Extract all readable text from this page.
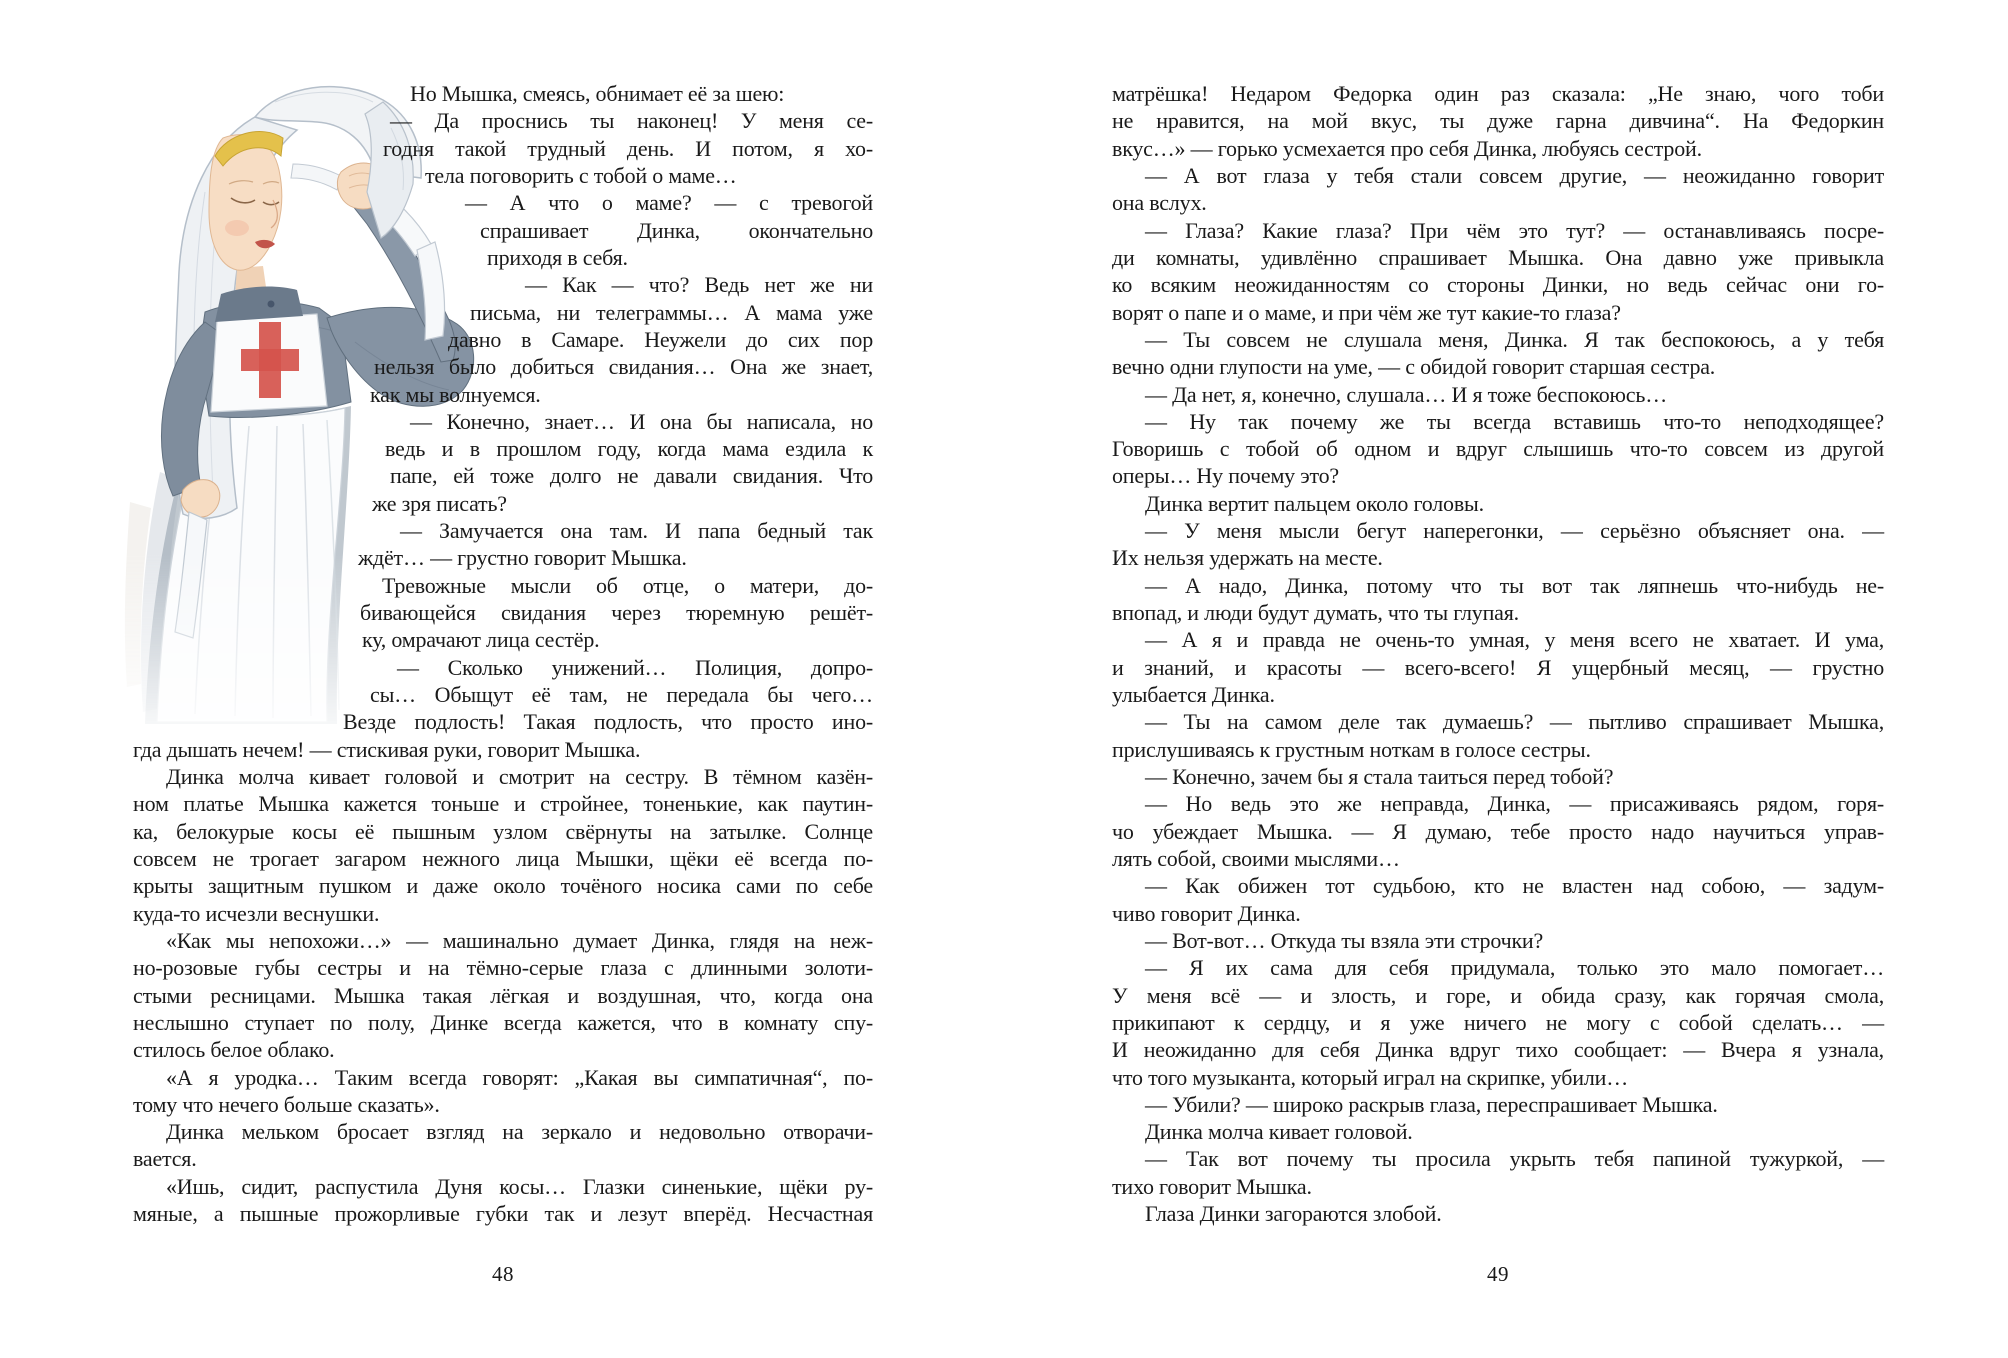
Но Мышка, смеясь, обнимает её за шею:
— Да проснись ты наконец! У меня се-
годня такой трудный день. И потом, я хо-
тела поговорить с тобой о маме…
— А что о маме? — с тревогой
спрашивает Динка, окончательно
приходя в себя.
— Как — что? Ведь нет же ни
письма, ни телеграммы… А мама уже
давно в Самаре. Неужели до сих пор
нельзя было добиться свидания… Она же знает,
как мы волнуемся.
— Конечно, знает… И она бы написала, но
ведь и в прошлом году, когда мама ездила к
папе, ей тоже долго не давали свидания. Что
же зря писать?
— Замучается она там. И папа бедный так
ждёт… — грустно говорит Мышка.
Тревожные мысли об отце, о матери, до-
бивающейся свидания через тюремную решёт-
ку, омрачают лица сестёр.
— Сколько унижений… Полиция, допро-
сы… Обыщут её там, не передала бы чего…
Везде подлость! Такая подлость, что просто ино-
гда дышать нечем! — стискивая руки, говорит Мышка.
Динка молча кивает головой и смотрит на сестру. В тёмном казён-
ном платье Мышка кажется тоньше и стройнее, тоненькие, как паутин-
ка, белокурые косы её пышным узлом свёрнуты на затылке. Солнце
совсем не трогает загаром нежного лица Мышки, щёки её всегда по-
крыты защитным пушком и даже около точёного носика сами по себе
куда-то исчезли веснушки.
«Как мы непохожи…» — машинально думает Динка, глядя на неж-
но-розовые губы сестры и на тёмно-серые глаза с длинными золоти-
стыми ресницами. Мышка такая лёгкая и воздушная, что, когда она
неслышно ступает по полу, Динке всегда кажется, что в комнату спу-
стилось белое облако.
«А я уродка… Таким всегда говорят: „Какая вы симпатичная“, по-
тому что нечего больше сказать».
Динка мельком бросает взгляд на зеркало и недовольно отворачи-
вается.
«Ишь, сидит, распустила Дуня косы… Глазки синенькие, щёки ру-
мяные, а пышные прожорливые губки так и лезут вперёд. Несчастная
48
матрёшка! Недаром Федорка один раз сказала: „Не знаю, чого тоби
не нравится, на мой вкус, ты дуже гарна дивчина“. На Федоркин
вкус…» — горько усмехается про себя Динка, любуясь сестрой.
— А вот глаза у тебя стали совсем другие, — неожиданно говорит
она вслух.
— Глаза? Какие глаза? При чём это тут? — останавливаясь посре-
ди комнаты, удивлённо спрашивает Мышка. Она давно уже привыкла
ко всяким неожиданностям со стороны Динки, но ведь сейчас они го-
ворят о папе и о маме, и при чём же тут какие-то глаза?
— Ты совсем не слушала меня, Динка. Я так беспокоюсь, а у тебя
вечно одни глупости на уме, — с обидой говорит старшая сестра.
— Да нет, я, конечно, слушала… И я тоже беспокоюсь…
— Ну так почему же ты всегда вставишь что-то неподходящее?
Говоришь с тобой об одном и вдруг слышишь что-то совсем из другой
оперы… Ну почему это?
Динка вертит пальцем около головы.
— У меня мысли бегут наперегонки, — серьёзно объясняет она. —
Их нельзя удержать на месте.
— А надо, Динка, потому что ты вот так ляпнешь что-нибудь не-
впопад, и люди будут думать, что ты глупая.
— А я и правда не очень-то умная, у меня всего не хватает. И ума,
и знаний, и красоты — всего-всего! Я ущербный месяц, — грустно
улыбается Динка.
— Ты на самом деле так думаешь? — пытливо спрашивает Мышка,
прислушиваясь к грустным ноткам в голосе сестры.
— Конечно, зачем бы я стала таиться перед тобой?
— Но ведь это же неправда, Динка, — присаживаясь рядом, горя-
чо убеждает Мышка. — Я думаю, тебе просто надо научиться управ-
лять собой, своими мыслями…
— Как обижен тот судьбою, кто не властен над собою, — задум-
чиво говорит Динка.
— Вот-вот… Откуда ты взяла эти строчки?
— Я их сама для себя придумала, только это мало помогает…
У меня всё — и злость, и горе, и обида сразу, как горячая смола,
прикипают к сердцу, и я уже ничего не могу с собой сделать… —
И неожиданно для себя Динка вдруг тихо сообщает: — Вчера я узнала,
что того музыканта, который играл на скрипке, убили…
— Убили? — широко раскрыв глаза, переспрашивает Мышка.
Динка молча кивает головой.
— Так вот почему ты просила укрыть тебя папиной тужуркой, —
тихо говорит Мышка.
Глаза Динки загораются злобой.
49
